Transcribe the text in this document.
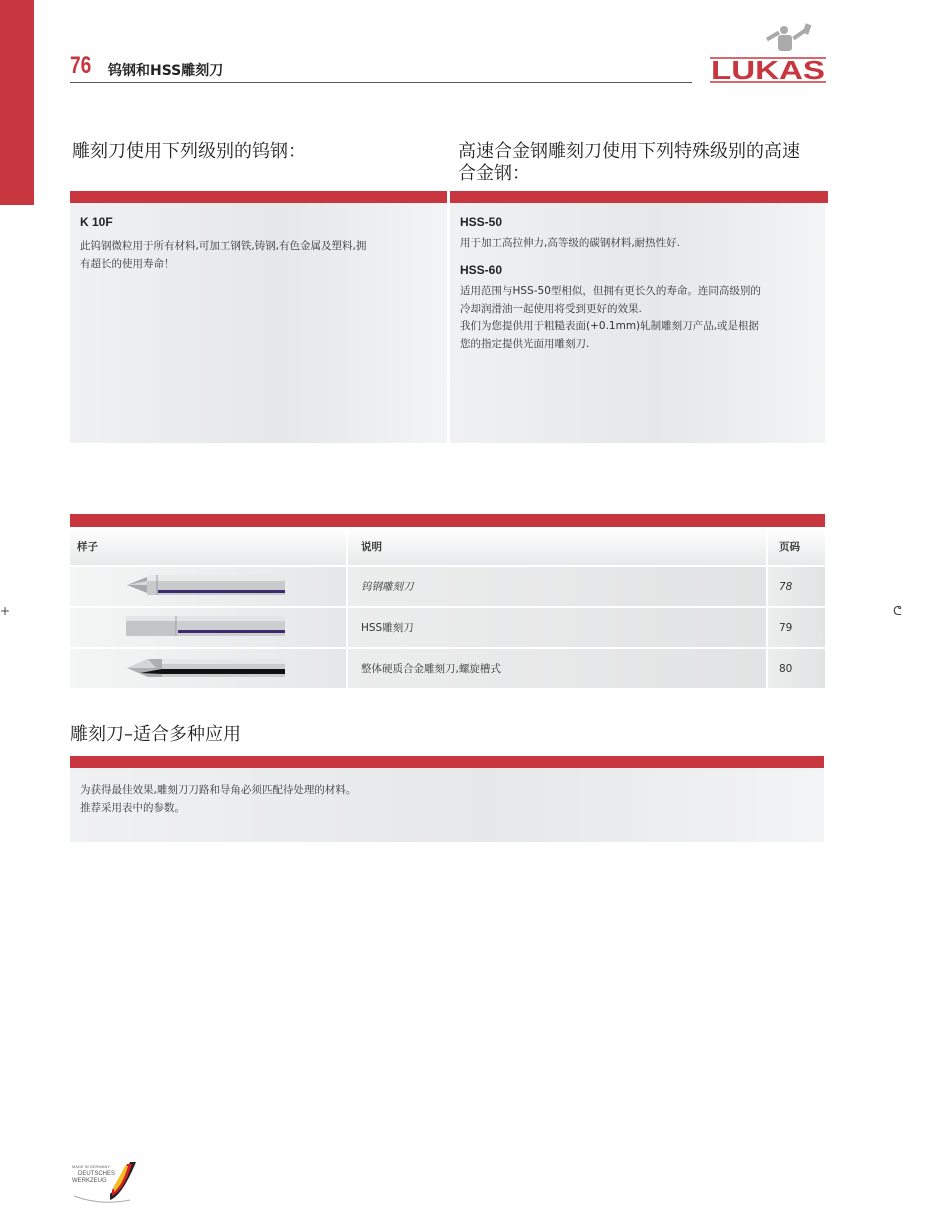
+	ᕦ
76 钨钢和HSS雕刻刀	LUKAS
雕刻刀使用下列级别的钨钢：	高速合金钢雕刻刀使用下列特殊级别的高速
合金钢：
K 10F
此钨钢微粒用于所有材料,可加工钢铁,铸钢,有色金属及塑料,拥
有超长的使用寿命！
HSS-50
用于加工高拉伸力,高等级的碳钢材料,耐热性好.
HSS-60
适用范围与HSS-50型相似，但拥有更长久的寿命。连同高级别的
冷却润滑油一起使用将受到更好的效果.
我们为您提供用于粗糙表面(+0.1mm)轧制雕刻刀产品,或是根据
您的指定提供光面用雕刻刀.
样子	说明	页码
	钨钢雕刻刀	78
	HSS雕刻刀	79
	整体硬质合金雕刻刀,螺旋槽式	80
雕刻刀–适合多种应用
为获得最佳效果,雕刻刀刀路和导角必须匹配待处理的材料。
推荐采用表中的参数。
MADE IN GERMANY
DEUTSCHES
WERKZEUG
